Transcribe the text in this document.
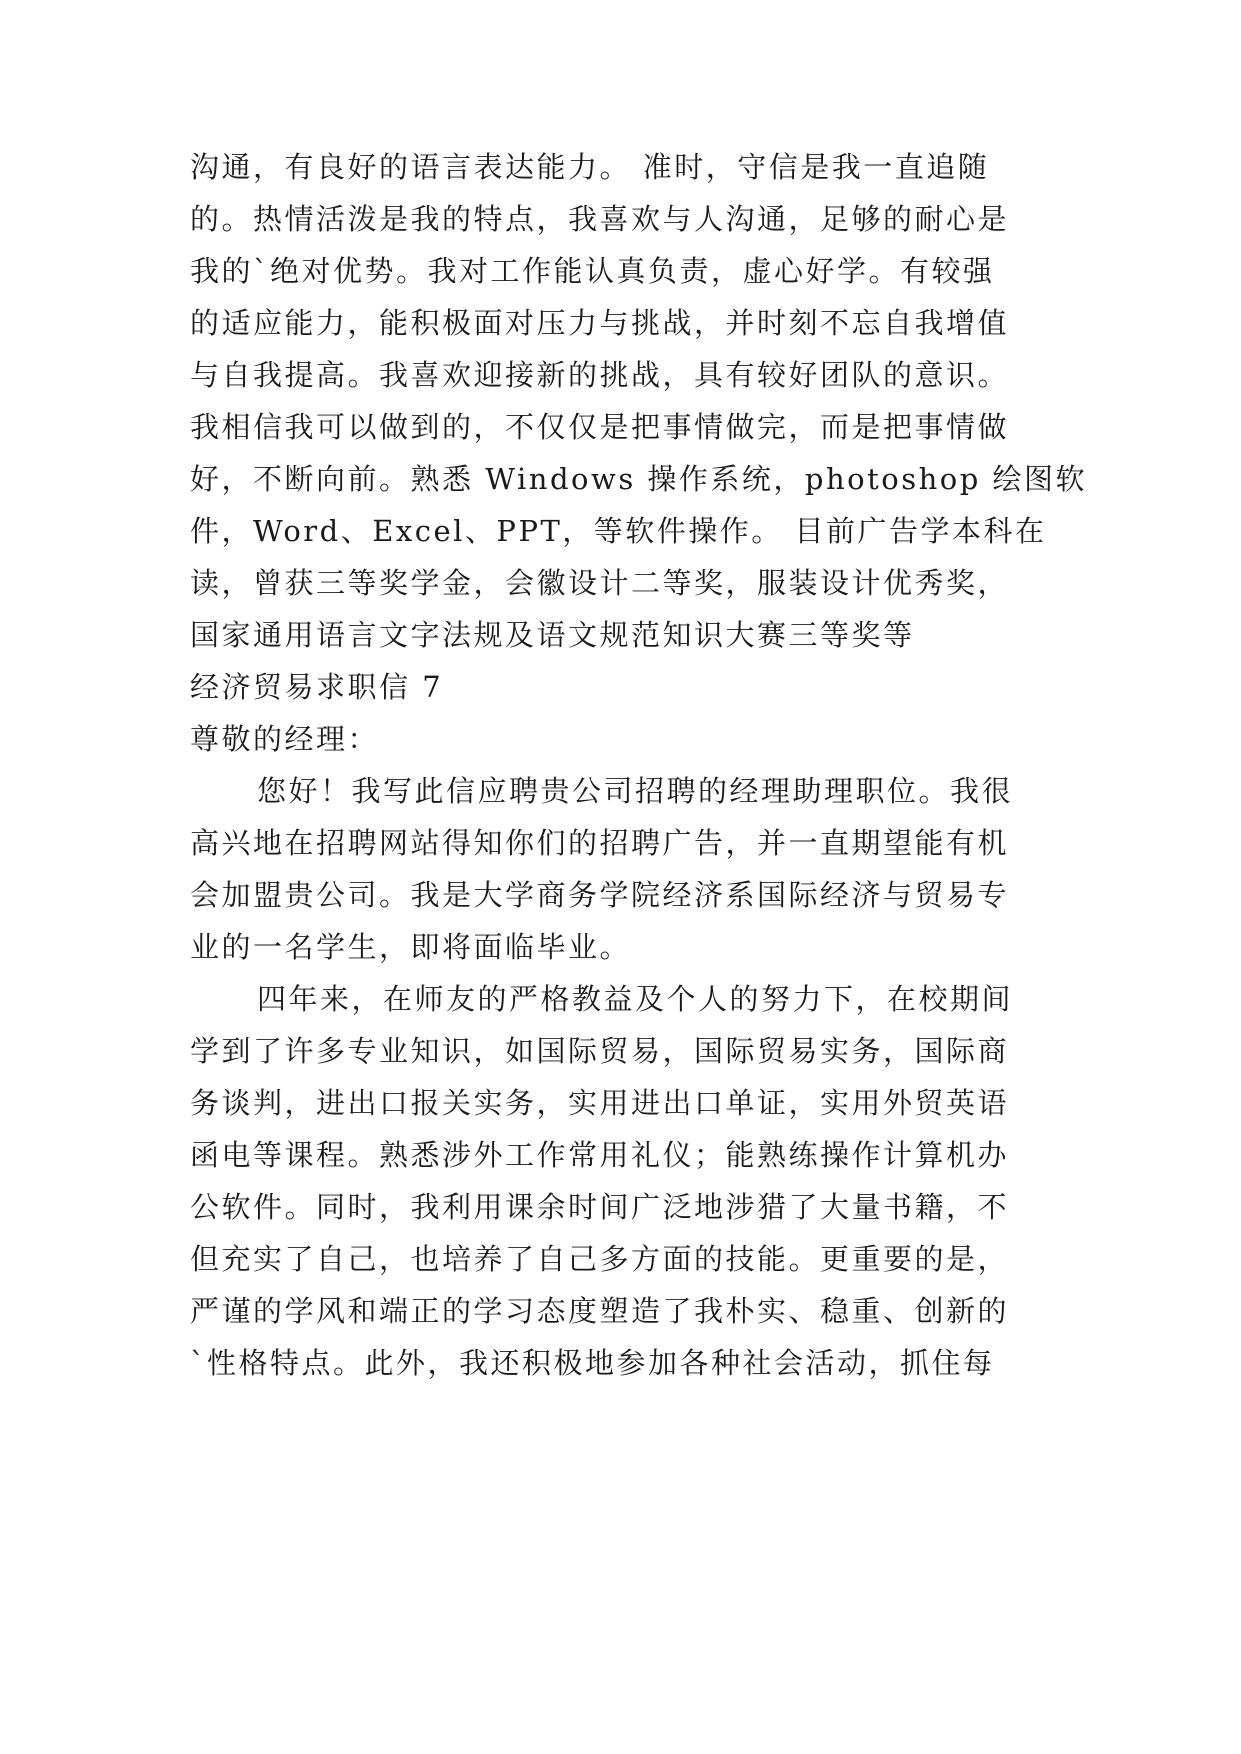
沟通，有良好的语言表达能力。 准时，守信是我一直追随
的。热情活泼是我的特点，我喜欢与人沟通，足够的耐心是
我的`绝对优势。我对工作能认真负责，虚心好学。有较强
的适应能力，能积极面对压力与挑战，并时刻不忘自我增值
与自我提高。我喜欢迎接新的挑战，具有较好团队的意识。
我相信我可以做到的，不仅仅是把事情做完，而是把事情做
好，不断向前。熟悉 Windows 操作系统，photoshop 绘图软
件，Word、Excel、PPT，等软件操作。 目前广告学本科在
读，曾获三等奖学金，会徽设计二等奖，服装设计优秀奖，
国家通用语言文字法规及语文规范知识大赛三等奖等
经济贸易求职信 7
尊敬的经理：
您好！我写此信应聘贵公司招聘的经理助理职位。我很
高兴地在招聘网站得知你们的招聘广告，并一直期望能有机
会加盟贵公司。我是大学商务学院经济系国际经济与贸易专
业的一名学生，即将面临毕业。
四年来，在师友的严格教益及个人的努力下，在校期间
学到了许多专业知识，如国际贸易，国际贸易实务，国际商
务谈判，进出口报关实务，实用进出口单证，实用外贸英语
函电等课程。熟悉涉外工作常用礼仪；能熟练操作计算机办
公软件。同时，我利用课余时间广泛地涉猎了大量书籍，不
但充实了自己，也培养了自己多方面的技能。更重要的是，
严谨的学风和端正的学习态度塑造了我朴实、稳重、创新的
`性格特点。此外，我还积极地参加各种社会活动，抓住每
